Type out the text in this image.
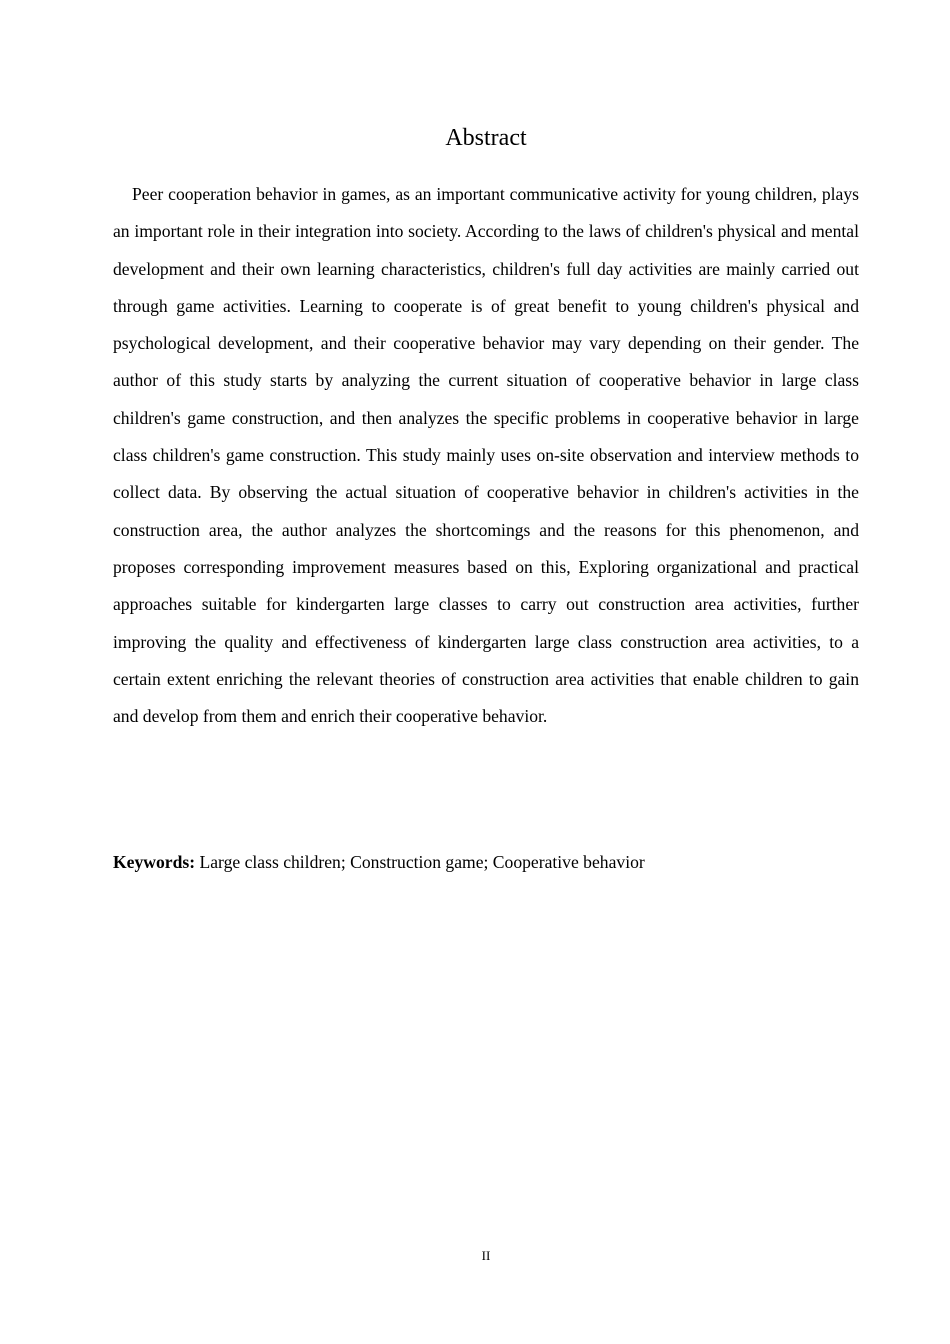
Abstract

Peer cooperation behavior in games, as an important communicative activity for young children, plays an important role in their integration into society. According to the laws of children's physical and mental development and their own learning characteristics, children's full day activities are mainly carried out through game activities. Learning to cooperate is of great benefit to young children's physical and psychological development, and their cooperative behavior may vary depending on their gender. The author of this study starts by analyzing the current situation of cooperative behavior in large class children's game construction, and then analyzes the specific problems in cooperative behavior in large class children's game construction. This study mainly uses on-site observation and interview methods to collect data. By observing the actual situation of cooperative behavior in children's activities in the construction area, the author analyzes the shortcomings and the reasons for this phenomenon, and proposes corresponding improvement measures based on this, Exploring organizational and practical approaches suitable for kindergarten large classes to carry out construction area activities, further improving the quality and effectiveness of kindergarten large class construction area activities, to a certain extent enriching the relevant theories of construction area activities that enable children to gain and develop from them and enrich their cooperative behavior.

Keywords: Large class children; Construction game; Cooperative behavior

II
